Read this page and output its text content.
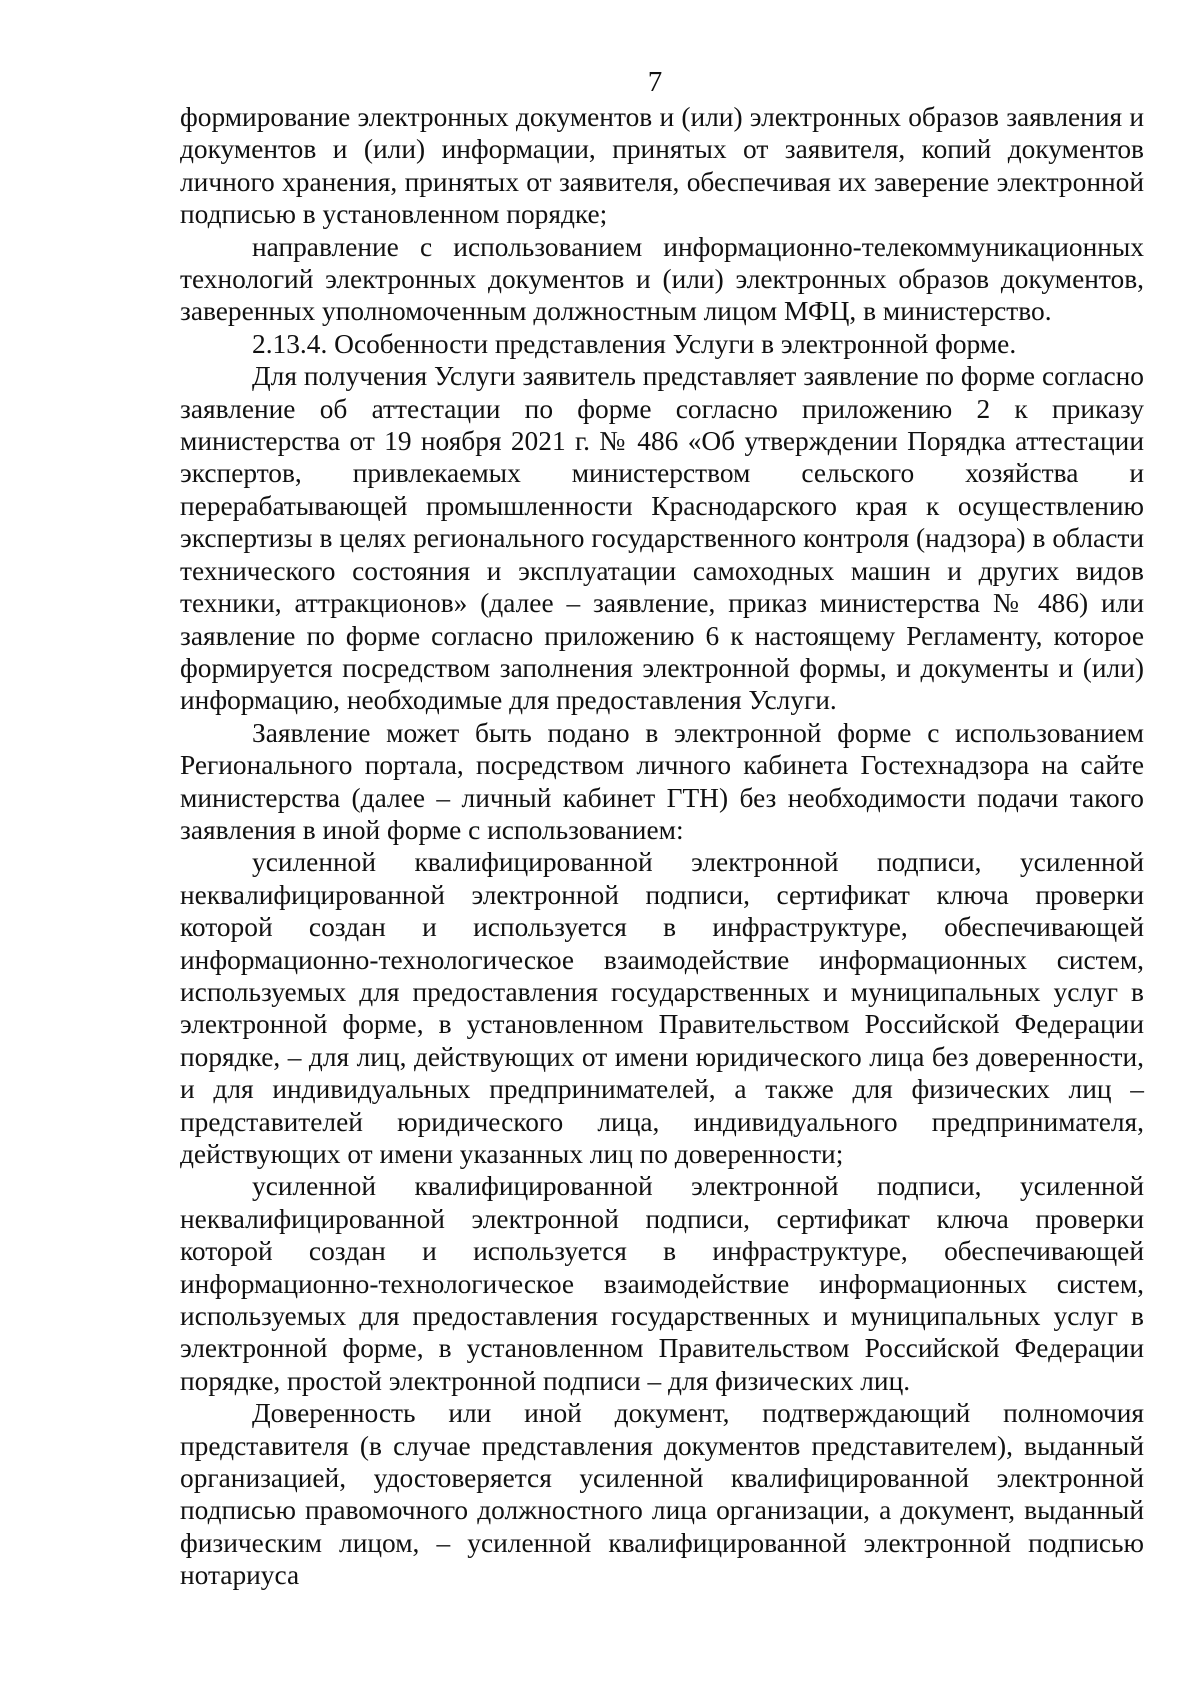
7

формирование электронных документов и (или) электронных образов заявления и документов и (или) информации, принятых от заявителя, копий документов личного хранения, принятых от заявителя, обеспечивая их заверение электронной подписью в установленном порядке;

направление с использованием информационно-телекоммуникационных технологий электронных документов и (или) электронных образов документов, заверенных уполномоченным должностным лицом МФЦ, в министерство.

2.13.4. Особенности представления Услуги в электронной форме.

Для получения Услуги заявитель представляет заявление по форме согласно заявление об аттестации по форме согласно приложению 2 к приказу министерства от 19 ноября 2021 г. № 486 «Об утверждении Порядка аттестации экспертов, привлекаемых министерством сельского хозяйства и перерабатывающей промышленности Краснодарского края к осуществлению экспертизы в целях регионального государственного контроля (надзора) в области технического состояния и эксплуатации самоходных машин и других видов техники, аттракционов» (далее – заявление, приказ министерства № 486) или заявление по форме согласно приложению 6 к настоящему Регламенту, которое формируется посредством заполнения электронной формы, и документы и (или) информацию, необходимые для предоставления Услуги.

Заявление может быть подано в электронной форме с использованием Регионального портала, посредством личного кабинета Гостехнадзора на сайте министерства (далее – личный кабинет ГТН) без необходимости подачи такого заявления в иной форме с использованием:

усиленной квалифицированной электронной подписи, усиленной неквалифицированной электронной подписи, сертификат ключа проверки которой создан и используется в инфраструктуре, обеспечивающей информационно-технологическое взаимодействие информационных систем, используемых для предоставления государственных и муниципальных услуг в электронной форме, в установленном Правительством Российской Федерации порядке, – для лиц, действующих от имени юридического лица без доверенности, и для индивидуальных предпринимателей, а также для физических лиц – представителей юридического лица, индивидуального предпринимателя, действующих от имени указанных лиц по доверенности;

усиленной квалифицированной электронной подписи, усиленной неквалифицированной электронной подписи, сертификат ключа проверки которой создан и используется в инфраструктуре, обеспечивающей информационно-технологическое взаимодействие информационных систем, используемых для предоставления государственных и муниципальных услуг в электронной форме, в установленном Правительством Российской Федерации порядке, простой электронной подписи – для физических лиц.

Доверенность или иной документ, подтверждающий полномочия представителя (в случае представления документов представителем), выданный организацией, удостоверяется усиленной квалифицированной электронной подписью правомочного должностного лица организации, а документ, выданный физическим лицом, – усиленной квалифицированной электронной подписью нотариуса
